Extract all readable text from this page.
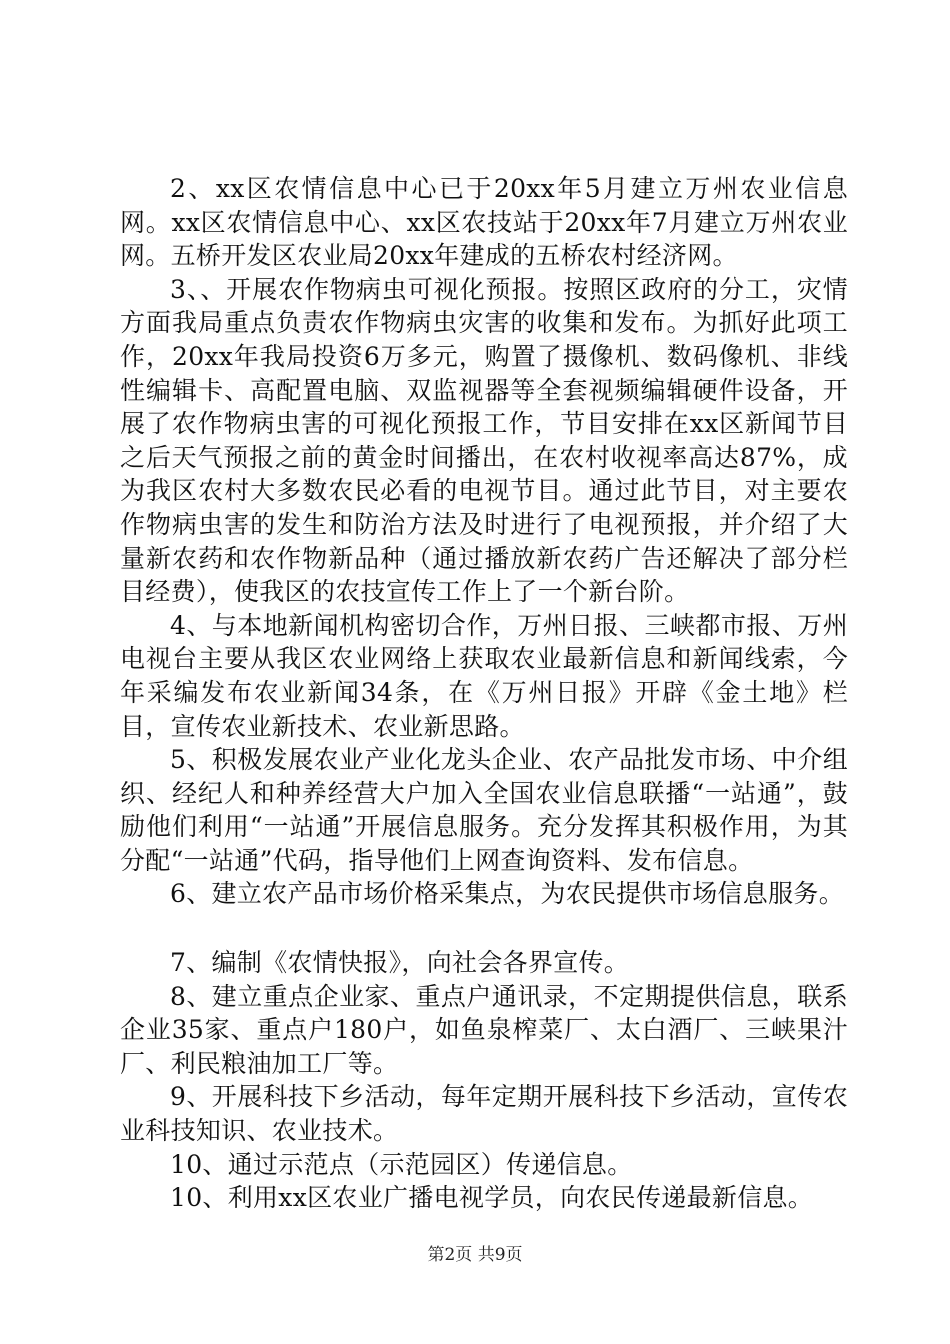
2、xx区农情信息中心已于20xx年5月建立万州农业信息网。xx区农情信息中心、xx区农技站于20xx年7月建立万州农业网。五桥开发区农业局20xx年建成的五桥农村经济网。

3、、开展农作物病虫可视化预报。按照区政府的分工，灾情方面我局重点负责农作物病虫灾害的收集和发布。为抓好此项工作，20xx年我局投资6万多元，购置了摄像机、数码像机、非线性编辑卡、高配置电脑、双监视器等全套视频编辑硬件设备，开展了农作物病虫害的可视化预报工作，节目安排在xx区新闻节目之后天气预报之前的黄金时间播出，在农村收视率高达87%，成为我区农村大多数农民必看的电视节目。通过此节目，对主要农作物病虫害的发生和防治方法及时进行了电视预报，并介绍了大量新农药和农作物新品种（通过播放新农药广告还解决了部分栏目经费），使我区的农技宣传工作上了一个新台阶。

4、与本地新闻机构密切合作，万州日报、三峡都市报、万州电视台主要从我区农业网络上获取农业最新信息和新闻线索，今年采编发布农业新闻34条，在《万州日报》开辟《金土地》栏目，宣传农业新技术、农业新思路。

5、积极发展农业产业化龙头企业、农产品批发市场、中介组织、经纪人和种养经营大户加入全国农业信息联播“一站通”，鼓励他们利用“一站通”开展信息服务。充分发挥其积极作用，为其分配“一站通”代码，指导他们上网查询资料、发布信息。

6、建立农产品市场价格采集点，为农民提供市场信息服务。

7、编制《农情快报》，向社会各界宣传。

8、建立重点企业家、重点户通讯录，不定期提供信息，联系企业35家、重点户180户，如鱼泉榨菜厂、太白酒厂、三峡果汁厂、利民粮油加工厂等。

9、开展科技下乡活动，每年定期开展科技下乡活动，宣传农业科技知识、农业技术。

10、通过示范点（示范园区）传递信息。

10、利用xx区农业广播电视学员，向农民传递最新信息。

第2页 共9页
